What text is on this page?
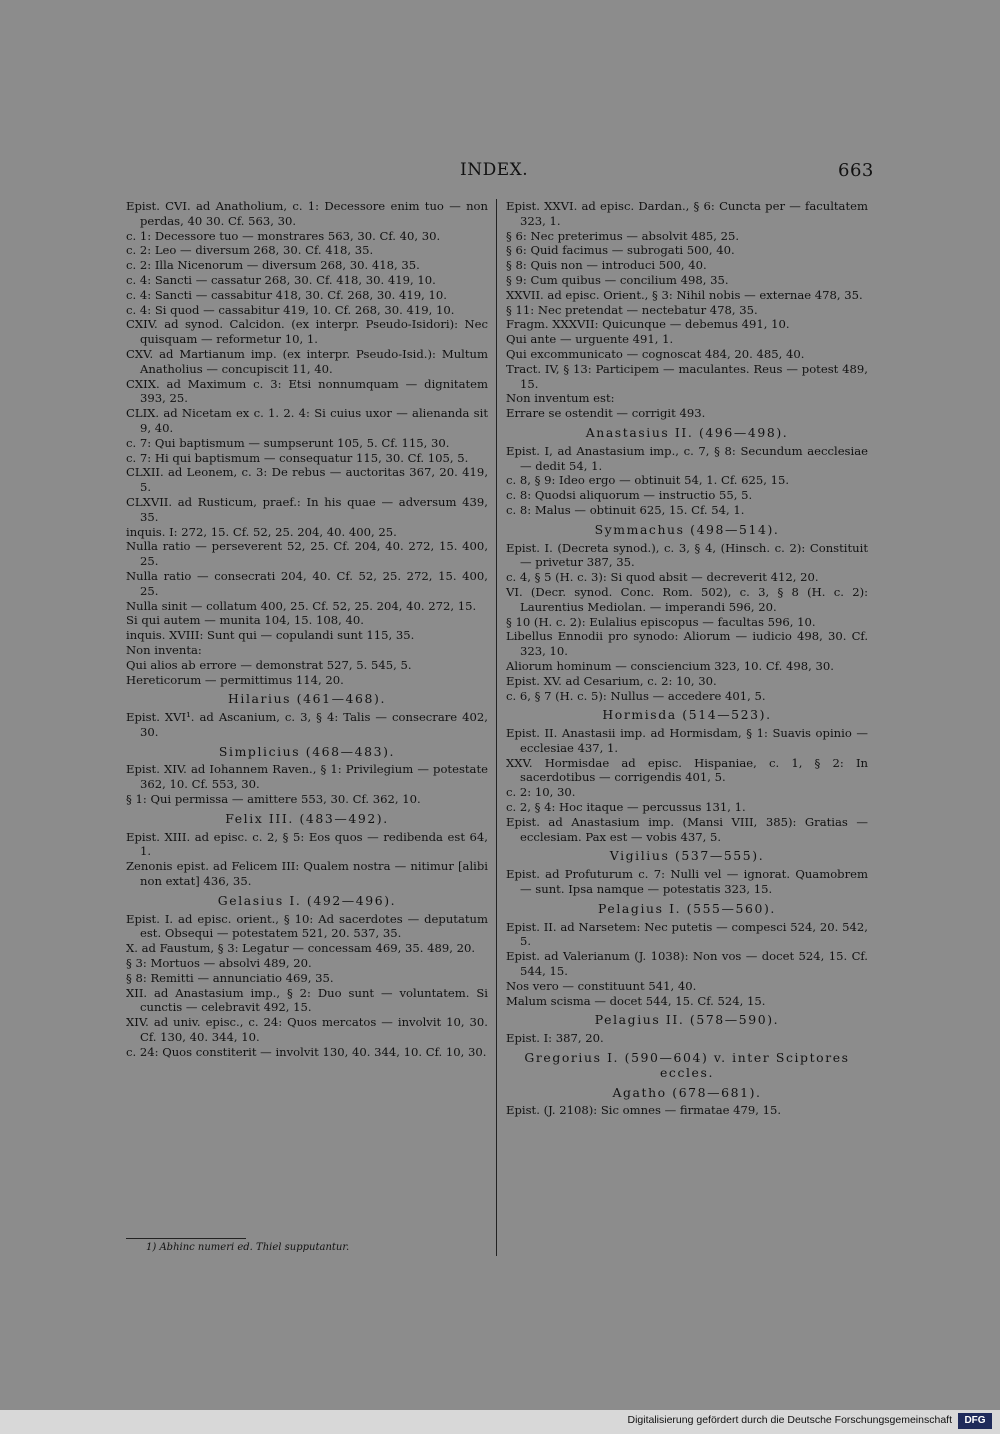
INDEX.	663

Epist. CVI. ad Anatholium, c. 1: Decessore enim tuo — non perdas, 40 30. Cf. 563, 30.

c. 1: Decessore tuo — monstrares 563, 30. Cf. 40, 30.

c. 2: Leo — diversum 268, 30. Cf. 418, 35.

c. 2: Illa Nicenorum — diversum 268, 30. 418, 35.

c. 4: Sancti — cassatur 268, 30. Cf. 418, 30. 419, 10.

c. 4: Sancti — cassabitur 418, 30. Cf. 268, 30. 419, 10.

c. 4: Si quod — cassabitur 419, 10. Cf. 268, 30. 419, 10.

CXIV. ad synod. Calcidon. (ex interpr. Pseudo-Isidori): Nec quisquam — reformetur 10, 1.

CXV. ad Martianum imp. (ex interpr. Pseudo-Isid.): Multum Anatholius — concupiscit 11, 40.

CXIX. ad Maximum c. 3: Etsi nonnumquam — dignitatem 393, 25.

CLIX. ad Nicetam ex c. 1. 2. 4: Si cuius uxor — alienanda sit 9, 40.

c. 7: Qui baptismum — sumpserunt 105, 5. Cf. 115, 30.

c. 7: Hi qui baptismum — consequatur 115, 30. Cf. 105, 5.

CLXII. ad Leonem, c. 3: De rebus — auctoritas 367, 20. 419, 5.

CLXVII. ad Rusticum, praef.: In his quae — adversum 439, 35.

inquis. I: 272, 15. Cf. 52, 25. 204, 40. 400, 25.

Nulla ratio — perseverent 52, 25. Cf. 204, 40. 272, 15. 400, 25.

Nulla ratio — consecrati 204, 40. Cf. 52, 25. 272, 15. 400, 25.

Nulla sinit — collatum 400, 25. Cf. 52, 25. 204, 40. 272, 15.

Si qui autem — munita 104, 15. 108, 40.

inquis. XVIII: Sunt qui — copulandi sunt 115, 35.

Non inventa:

Qui alios ab errore — demonstrat 527, 5. 545, 5.

Hereticorum — permittimus 114, 20.

Hilarius (461—468).

Epist. XVI¹. ad Ascanium, c. 3, § 4: Talis — consecrare 402, 30.

Simplicius (468—483).

Epist. XIV. ad Iohannem Raven., § 1: Privilegium — potestate 362, 10. Cf. 553, 30.

§ 1: Qui permissa — amittere 553, 30. Cf. 362, 10.

Felix III. (483—492).

Epist. XIII. ad episc. c. 2, § 5: Eos quos — redibenda est 64, 1.

Zenonis epist. ad Felicem III: Qualem nostra — nitimur [alibi non extat] 436, 35.

Gelasius I. (492—496).

Epist. I. ad episc. orient., § 10: Ad sacerdotes — deputatum est. Obsequi — potestatem 521, 20. 537, 35.

X. ad Faustum, § 3: Legatur — concessam 469, 35. 489, 20.

§ 3: Mortuos — absolvi 489, 20.

§ 8: Remitti — annunciatio 469, 35.

XII. ad Anastasium imp., § 2: Duo sunt — voluntatem. Si cunctis — celebravit 492, 15.

XIV. ad univ. episc., c. 24: Quos mercatos — involvit 10, 30. Cf. 130, 40. 344, 10.

c. 24: Quos constiterit — involvit 130, 40. 344, 10. Cf. 10, 30.

Epist. XXVI. ad episc. Dardan., § 6: Cuncta per — facultatem 323, 1.

§ 6: Nec preterimus — absolvit 485, 25.

§ 6: Quid facimus — subrogati 500, 40.

§ 8: Quis non — introduci 500, 40.

§ 9: Cum quibus — concilium 498, 35.

XXVII. ad episc. Orient., § 3: Nihil nobis — externae 478, 35.

§ 11: Nec pretendat — nectebatur 478, 35.

Fragm. XXXVII: Quicunque — debemus 491, 10.

Qui ante — urguente 491, 1.

Qui excommunicato — cognoscat 484, 20. 485, 40.

Tract. IV, § 13: Participem — maculantes. Reus — potest 489, 15.

Non inventum est:

Errare se ostendit — corrigit 493.

Anastasius II. (496—498).

Epist. I, ad Anastasium imp., c. 7, § 8: Secundum aecclesiae — dedit 54, 1.

c. 8, § 9: Ideo ergo — obtinuit 54, 1. Cf. 625, 15.

c. 8: Quodsi aliquorum — instructio 55, 5.

c. 8: Malus — obtinuit 625, 15. Cf. 54, 1.

Symmachus (498—514).

Epist. I. (Decreta synod.), c. 3, § 4, (Hinsch. c. 2): Constituit — privetur 387, 35.

c. 4, § 5 (H. c. 3): Si quod absit — decreverit 412, 20.

VI. (Decr. synod. Conc. Rom. 502), c. 3, § 8 (H. c. 2): Laurentius Mediolan. — imperandi 596, 20.

§ 10 (H. c. 2): Eulalius episcopus — facultas 596, 10.

Libellus Ennodii pro synodo: Aliorum — iudicio 498, 30. Cf. 323, 10.

Aliorum hominum — consciencium 323, 10. Cf. 498, 30.

Epist. XV. ad Cesarium, c. 2: 10, 30.

c. 6, § 7 (H. c. 5): Nullus — accedere 401, 5.

Hormisda (514—523).

Epist. II. Anastasii imp. ad Hormisdam, § 1: Suavis opinio — ecclesiae 437, 1.

XXV. Hormisdae ad episc. Hispaniae, c. 1, § 2: In sacerdotibus — corrigendis 401, 5.

c. 2: 10, 30.

c. 2, § 4: Hoc itaque — percussus 131, 1.

Epist. ad Anastasium imp. (Mansi VIII, 385): Gratias — ecclesiam. Pax est — vobis 437, 5.

Vigilius (537—555).

Epist. ad Profuturum c. 7: Nulli vel — ignorat. Quamobrem — sunt. Ipsa namque — potestatis 323, 15.

Pelagius I. (555—560).

Epist. II. ad Narsetem: Nec putetis — compesci 524, 20. 542, 5.

Epist. ad Valerianum (J. 1038): Non vos — docet 524, 15. Cf. 544, 15.

Nos vero — constituunt 541, 40.

Malum scisma — docet 544, 15. Cf. 524, 15.

Pelagius II. (578—590).

Epist. I: 387, 20.

Gregorius I. (590—604) v. inter Sciptores eccles.

Agatho (678—681).

Epist. (J. 2108): Sic omnes — firmatae 479, 15.

1) Abhinc numeri ed. Thiel supputantur.
Digitalisierung gefördert durch die Deutsche Forschungsgemeinschaft	DFG
